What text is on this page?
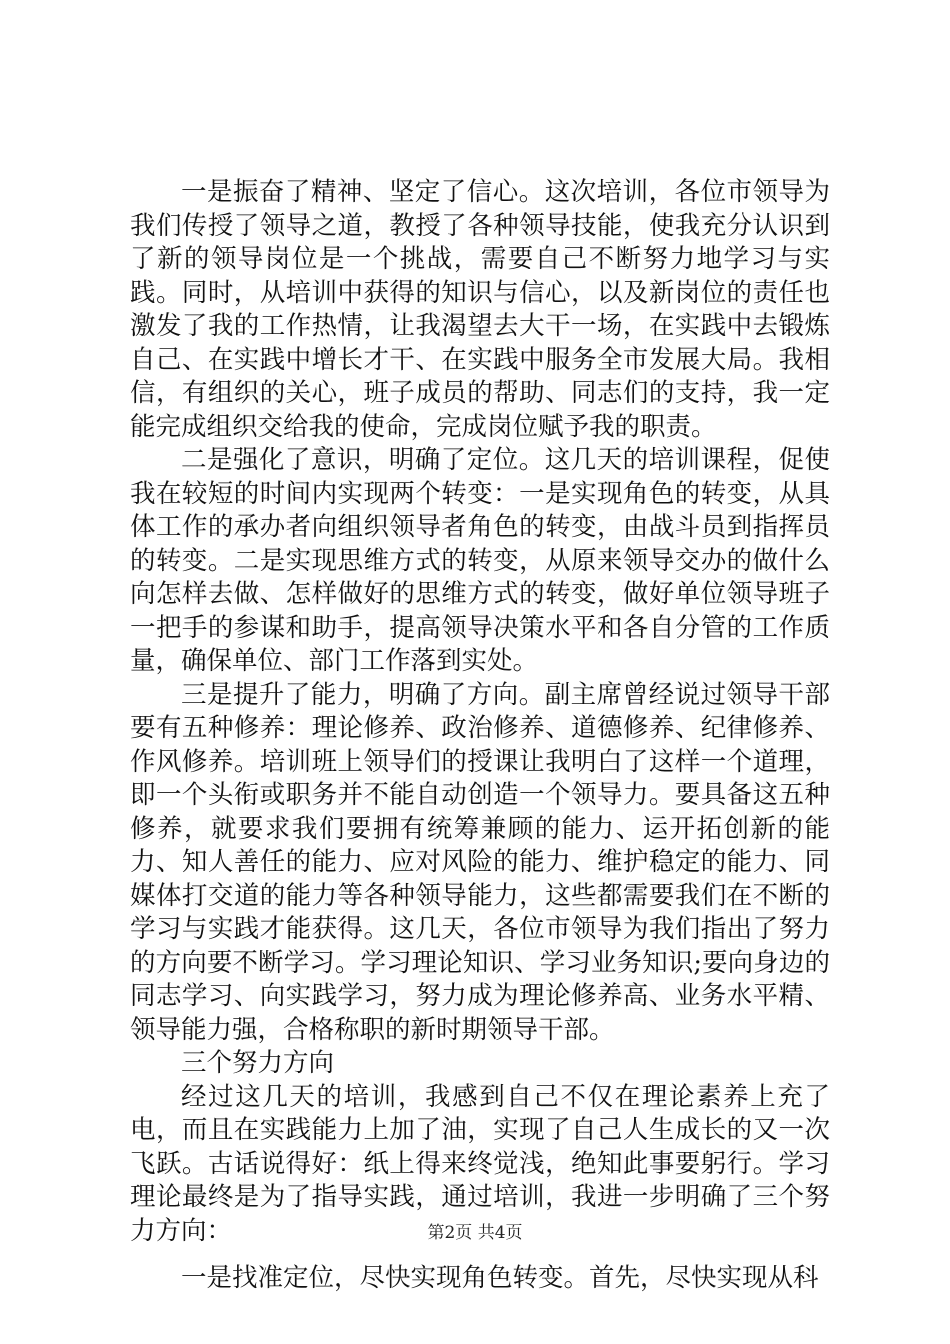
一是振奋了精神、坚定了信心。这次培训，各位市领导为我们传授了领导之道，教授了各种领导技能，使我充分认识到了新的领导岗位是一个挑战，需要自己不断努力地学习与实践。同时，从培训中获得的知识与信心，以及新岗位的责任也激发了我的工作热情，让我渴望去大干一场，在实践中去锻炼自己、在实践中增长才干、在实践中服务全市发展大局。我相信，有组织的关心，班子成员的帮助、同志们的支持，我一定能完成组织交给我的使命，完成岗位赋予我的职责。

二是强化了意识，明确了定位。这几天的培训课程，促使我在较短的时间内实现两个转变：一是实现角色的转变，从具体工作的承办者向组织领导者角色的转变，由战斗员到指挥员的转变。二是实现思维方式的转变，从原来领导交办的做什么向怎样去做、怎样做好的思维方式的转变，做好单位领导班子一把手的参谋和助手，提高领导决策水平和各自分管的工作质量，确保单位、部门工作落到实处。

三是提升了能力，明确了方向。副主席曾经说过领导干部要有五种修养：理论修养、政治修养、道德修养、纪律修养、作风修养。培训班上领导们的授课让我明白了这样一个道理，即一个头衔或职务并不能自动创造一个领导力。要具备这五种修养，就要求我们要拥有统筹兼顾的能力、运开拓创新的能力、知人善任的能力、应对风险的能力、维护稳定的能力、同媒体打交道的能力等各种领导能力，这些都需要我们在不断的学习与实践才能获得。这几天，各位市领导为我们指出了努力的方向要不断学习。学习理论知识、学习业务知识;要向身边的同志学习、向实践学习，努力成为理论修养高、业务水平精、领导能力强，合格称职的新时期领导干部。

三个努力方向

经过这几天的培训，我感到自己不仅在理论素养上充了电，而且在实践能力上加了油，实现了自己人生成长的又一次飞跃。古话说得好：纸上得来终觉浅，绝知此事要躬行。学习理论最终是为了指导实践，通过培训，我进一步明确了三个努力方向：

一是找准定位，尽快实现角色转变。首先，尽快实现从科

第2页 共4页
